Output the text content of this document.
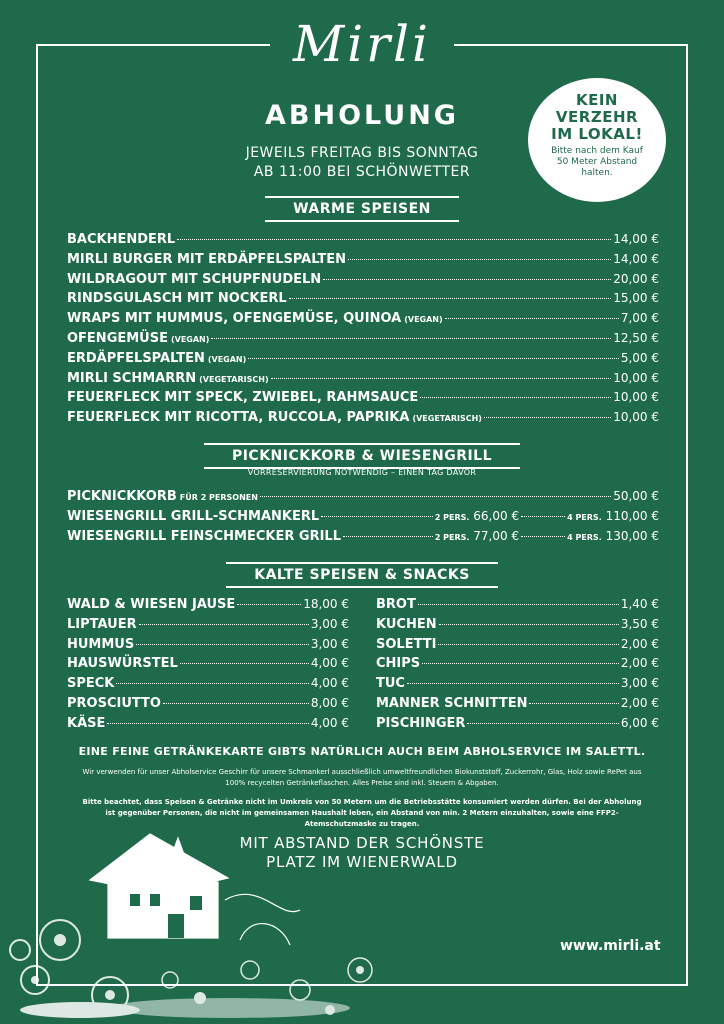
Mirli
ABHOLUNG
JEWEILS FREITAG BIS SONNTAG
AB 11:00 BEI SCHÖNWETTER
KEIN
VERZEHR
IM LOKAL!
Bitte nach dem Kauf
50 Meter Abstand
halten.
WARME SPEISEN
BACKHENDERL	14,00 €
MIRLI BURGER MIT ERDÄPFELSPALTEN	14,00 €
WILDRAGOUT MIT SCHUPFNUDELN	20,00 €
RINDSGULASCH MIT NOCKERL	15,00 €
WRAPS MIT HUMMUS, OFENGEMÜSE, QUINOA (VEGAN)	7,00 €
OFENGEMÜSE (VEGAN)	12,50 €
ERDÄPFELSPALTEN (VEGAN)	5,00 €
MIRLI SCHMARRN (VEGETARISCH)	10,00 €
FEUERFLECK MIT SPECK, ZWIEBEL, RAHMSAUCE	10,00 €
FEUERFLECK MIT RICOTTA, RUCCOLA, PAPRIKA (VEGETARISCH)	10,00 €
PICKNICKKORB & WIESENGRILL
VORRESERVIERUNG NOTWENDIG – EINEN TAG DAVOR
PICKNICKKORB FÜR 2 PERSONEN	50,00 €
WIESENGRILL GRILL-SCHMANKERL	2 PERS. 66,00 €	4 PERS. 110,00 €
WIESENGRILL FEINSCHMECKER GRILL	2 PERS. 77,00 €	4 PERS. 130,00 €
KALTE SPEISEN & SNACKS
WALD & WIESEN JAUSE	18,00 €
LIPTAUER	3,00 €
HUMMUS	3,00 €
HAUSWÜRSTEL	4,00 €
SPECK	4,00 €
PROSCIUTTO	8,00 €
KÄSE	4,00 €
BROT	1,40 €
KUCHEN	3,50 €
SOLETTI	2,00 €
CHIPS	2,00 €
TUC	3,00 €
MANNER SCHNITTEN	2,00 €
PISCHINGER	6,00 €
EINE FEINE GETRÄNKEKARTE GIBTS NATÜRLICH AUCH BEIM ABHOLSERVICE IM SALETTL.
Wir verwenden für unser Abholservice Geschirr für unsere Schmankerl ausschließlich umweltfreundlichen Biokunststoff, Zuckerrohr, Glas, Holz sowie RePet aus 100% recycelten Getränkeflaschen. Alles Preise sind inkl. Steuern & Abgaben.
Bitte beachtet, dass Speisen & Getränke nicht im Umkreis von 50 Metern um die Betriebsstätte konsumiert werden dürfen. Bei der Abholung ist gegenüber Personen, die nicht im gemeinsamen Haushalt leben, ein Abstand von min. 2 Metern einzuhalten, sowie eine FFP2-Atemschutzmaske zu tragen.
MIT ABSTAND DER SCHÖNSTE
PLATZ IM WIENERWALD
www.mirli.at
